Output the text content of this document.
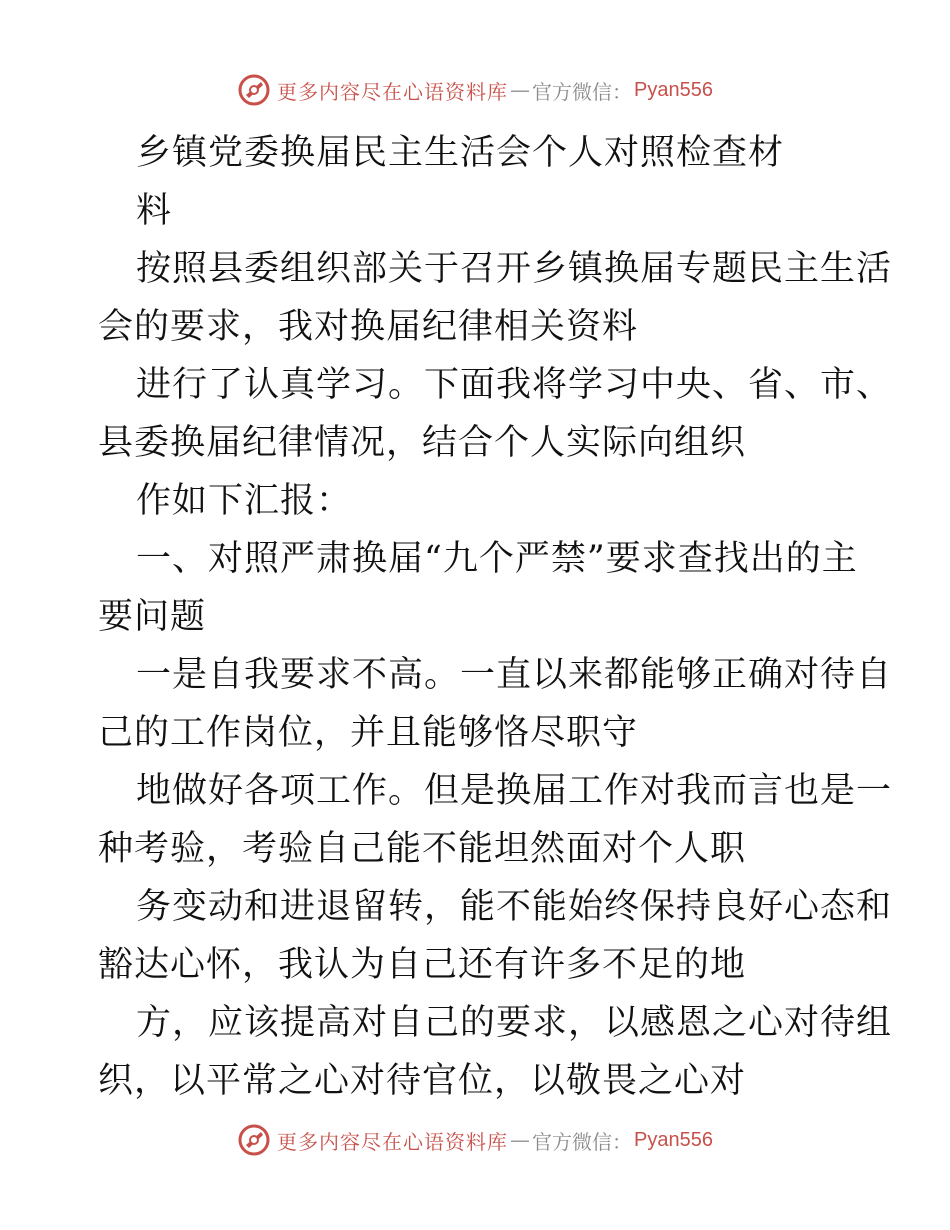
更多内容尽在心语资料库 — 官方微信： Pyan556
乡镇党委换届民主生活会个人对照检查材
料
按照县委组织部关于召开乡镇换届专题民主生活
会的要求，我对换届纪律相关资料
进行了认真学习。下面我将学习中央、省、市、
县委换届纪律情况，结合个人实际向组织
作如下汇报：
一、对照严肃换届“九个严禁”要求查找出的主
要问题
一是自我要求不高。一直以来都能够正确对待自
己的工作岗位，并且能够恪尽职守
地做好各项工作。但是换届工作对我而言也是一
种考验，考验自己能不能坦然面对个人职
务变动和进退留转，能不能始终保持良好心态和
豁达心怀，我认为自己还有许多不足的地
方，应该提高对自己的要求，以感恩之心对待组
织，以平常之心对待官位，以敬畏之心对
更多内容尽在心语资料库 — 官方微信： Pyan556
